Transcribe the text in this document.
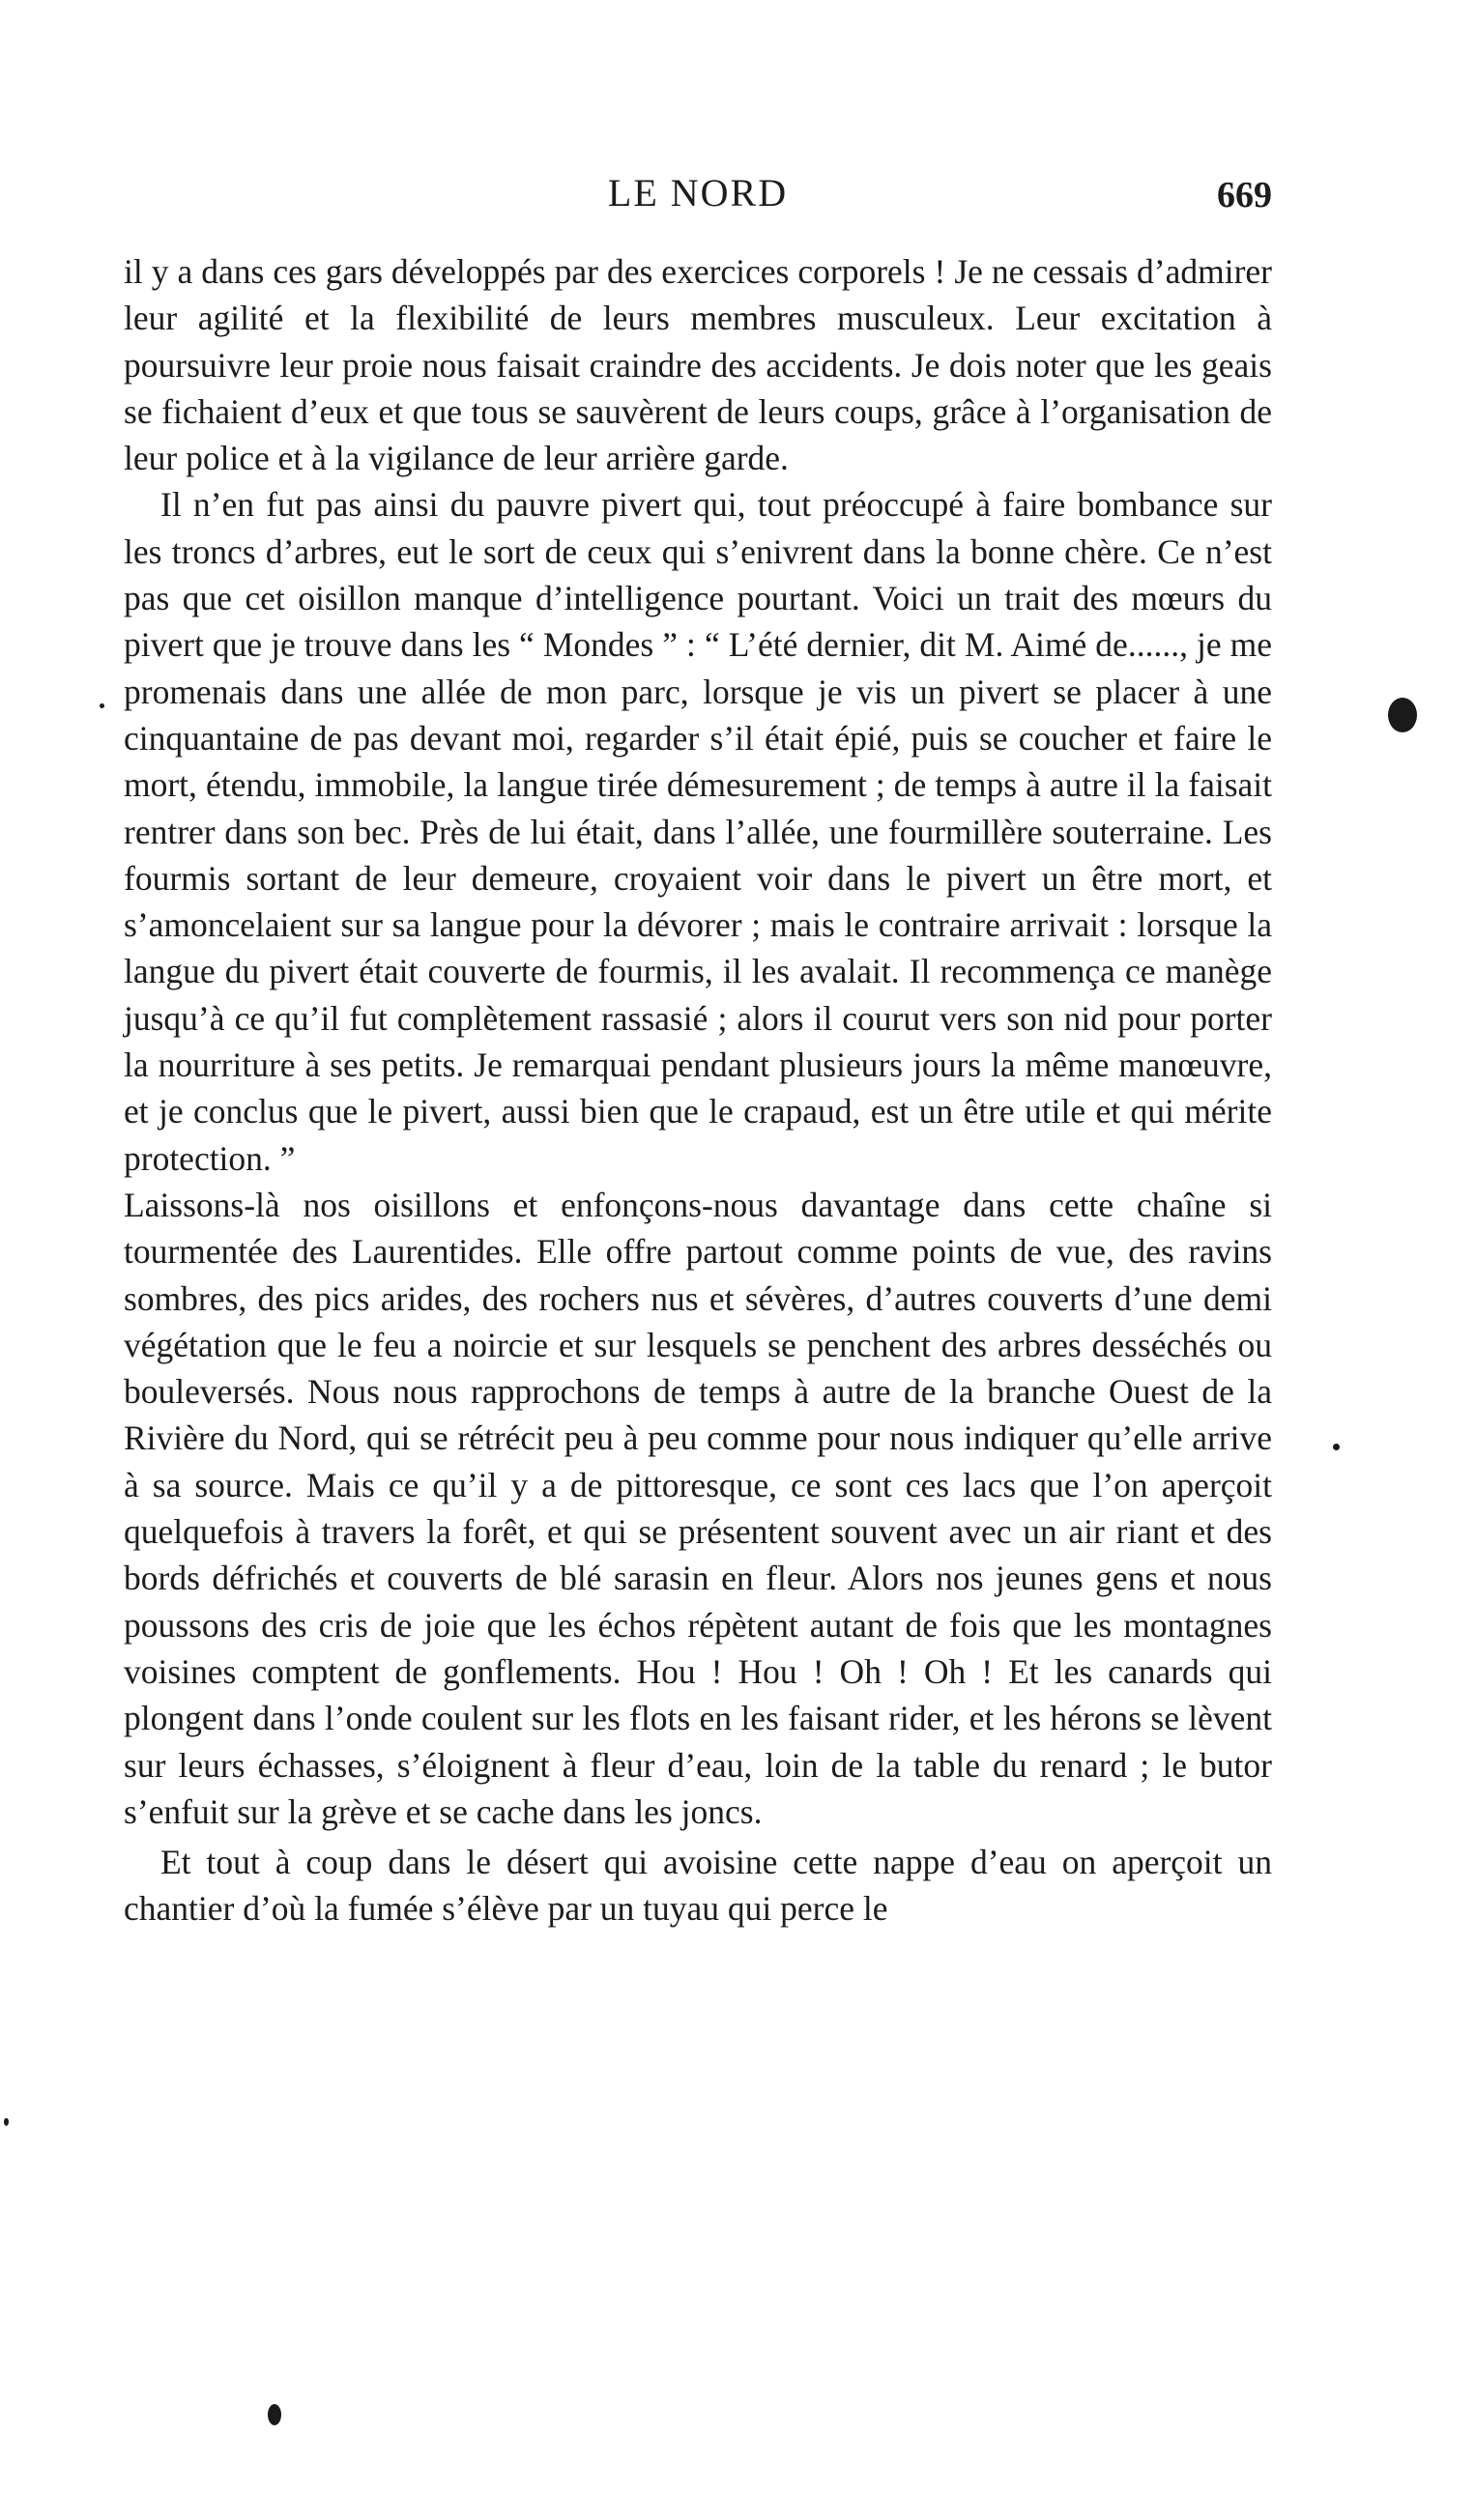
LE NORD	669

il y a dans ces gars développés par des exercices corporels ! Je ne cessais d’admirer leur agilité et la flexibilité de leurs membres musculeux. Leur excitation à poursuivre leur proie nous faisait craindre des accidents. Je dois noter que les geais se fichaient d’eux et que tous se sauvèrent de leurs coups, grâce à l’organisation de leur police et à la vigilance de leur arrière garde.

Il n’en fut pas ainsi du pauvre pivert qui, tout préoccupé à faire bombance sur les troncs d’arbres, eut le sort de ceux qui s’enivrent dans la bonne chère. Ce n’est pas que cet oisillon manque d’intelligence pourtant. Voici un trait des mœurs du pivert que je trouve dans les “ Mondes ” : “ L’été dernier, dit M. Aimé de......, je me promenais dans une allée de mon parc, lorsque je vis un pivert se placer à une cinquantaine de pas devant moi, regarder s’il était épié, puis se coucher et faire le mort, étendu, immobile, la langue tirée démesurement ; de temps à autre il la faisait rentrer dans son bec. Près de lui était, dans l’allée, une fourmillère souterraine. Les fourmis sortant de leur demeure, croyaient voir dans le pivert un être mort, et s’amoncelaient sur sa langue pour la dévorer ; mais le contraire arrivait : lorsque la langue du pivert était couverte de fourmis, il les avalait. Il recommença ce manège jusqu’à ce qu’il fut complètement rassasié ; alors il courut vers son nid pour porter la nourriture à ses petits. Je remarquai pendant plusieurs jours la même manœuvre, et je conclus que le pivert, aussi bien que le crapaud, est un être utile et qui mérite protection. ”

Laissons-là nos oisillons et enfonçons-nous davantage dans cette chaîne si tourmentée des Laurentides. Elle offre partout comme points de vue, des ravins sombres, des pics arides, des rochers nus et sévères, d’autres couverts d’une demi végétation que le feu a noircie et sur lesquels se penchent des arbres desséchés ou bouleversés. Nous nous rapprochons de temps à autre de la branche Ouest de la Rivière du Nord, qui se rétrécit peu à peu comme pour nous indiquer qu’elle arrive à sa source. Mais ce qu’il y a de pittoresque, ce sont ces lacs que l’on aperçoit quelquefois à travers la forêt, et qui se présentent souvent avec un air riant et des bords défrichés et couverts de blé sarasin en fleur. Alors nos jeunes gens et nous poussons des cris de joie que les échos répètent autant de fois que les montagnes voisines comptent de gonflements. Hou ! Hou ! Oh ! Oh ! Et les canards qui plongent dans l’onde coulent sur les flots en les faisant rider, et les hérons se lèvent sur leurs échasses, s’éloignent à fleur d’eau, loin de la table du renard ; le butor s’enfuit sur la grève et se cache dans les joncs.

Et tout à coup dans le désert qui avoisine cette nappe d’eau on aperçoit un chantier d’où la fumée s’élève par un tuyau qui perce le
